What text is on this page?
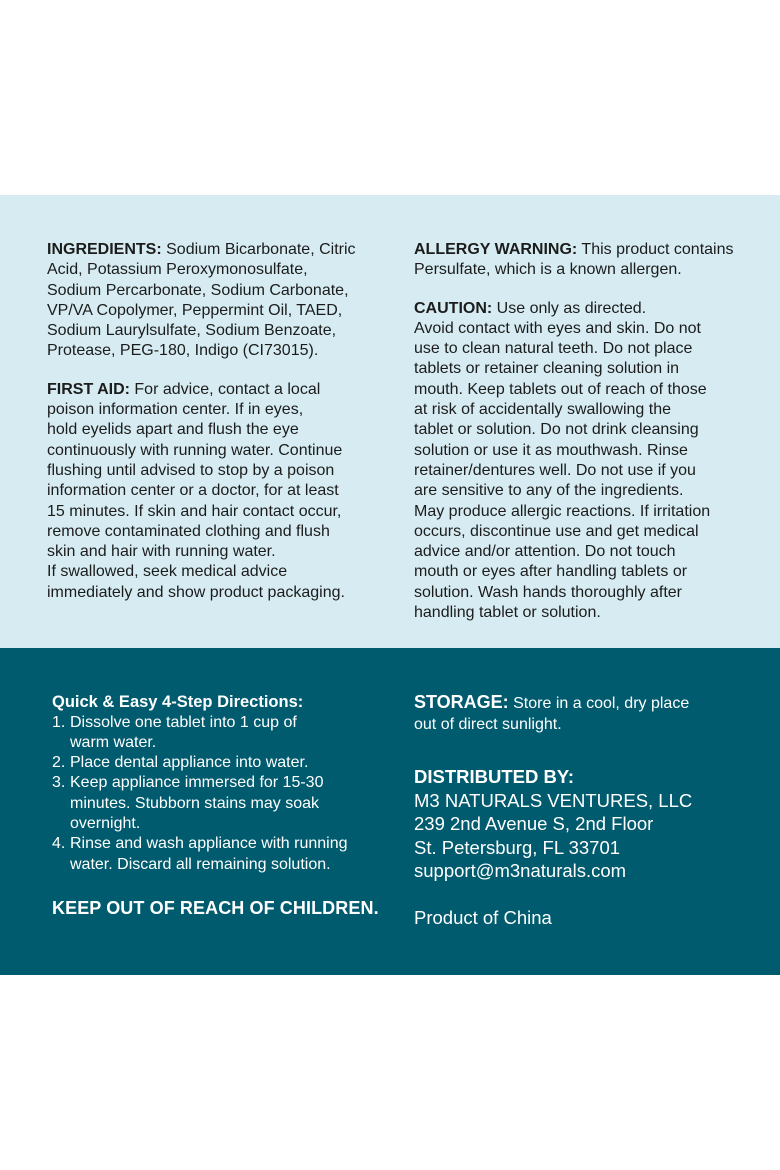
INGREDIENTS: Sodium Bicarbonate, Citric
Acid, Potassium Peroxymonosulfate,
Sodium Percarbonate, Sodium Carbonate,
VP/VA Copolymer, Peppermint Oil, TAED,
Sodium Laurylsulfate, Sodium Benzoate,
Protease, PEG-180, Indigo (CI73015).

FIRST AID: For advice, contact a local
poison information center. If in eyes,
hold eyelids apart and flush the eye
continuously with running water. Continue
flushing until advised to stop by a poison
information center or a doctor, for at least
15 minutes. If skin and hair contact occur,
remove contaminated clothing and flush
skin and hair with running water.
If swallowed, seek medical advice
immediately and show product packaging.

ALLERGY WARNING: This product contains
Persulfate, which is a known allergen.

CAUTION: Use only as directed.
Avoid contact with eyes and skin. Do not
use to clean natural teeth. Do not place
tablets or retainer cleaning solution in
mouth. Keep tablets out of reach of those
at risk of accidentally swallowing the
tablet or solution. Do not drink cleansing
solution or use it as mouthwash. Rinse
retainer/dentures well. Do not use if you
are sensitive to any of the ingredients.
May produce allergic reactions. If irritation
occurs, discontinue use and get medical
advice and/or attention. Do not touch
mouth or eyes after handling tablets or
solution. Wash hands thoroughly after
handling tablet or solution.

Quick & Easy 4-Step Directions:

1. Dissolve one tablet into 1 cup of
warm water.
2. Place dental appliance into water.
3. Keep appliance immersed for 15-30
minutes. Stubborn stains may soak
overnight.
4. Rinse and wash appliance with running
water. Discard all remaining solution.
KEEP OUT OF REACH OF CHILDREN.

STORAGE: Store in a cool, dry place
out of direct sunlight.

DISTRIBUTED BY:
M3 NATURALS VENTURES, LLC
239 2nd Avenue S, 2nd Floor
St. Petersburg, FL 33701
support@m3naturals.com
Product of China
